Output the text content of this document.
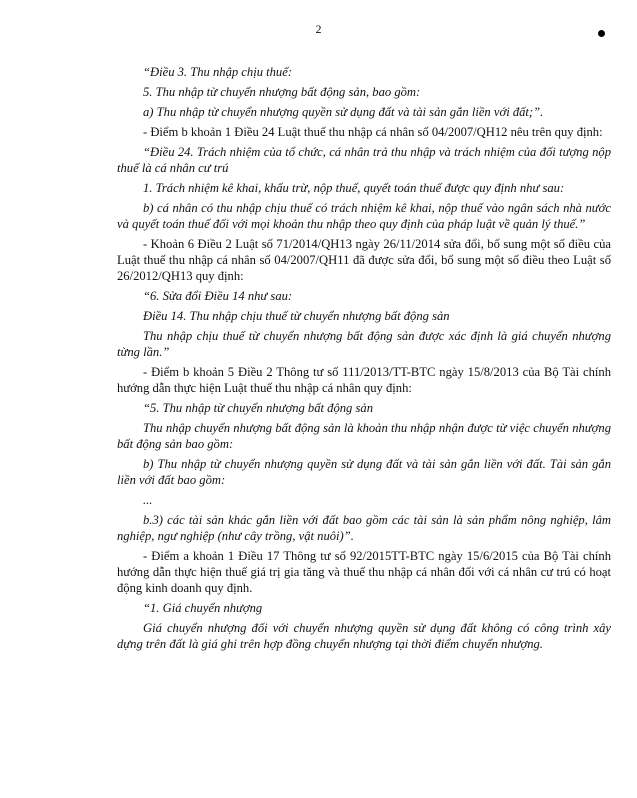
2

“Điều 3. Thu nhập chịu thuế:

5. Thu nhập từ chuyển nhượng bất động sản, bao gồm:

a) Thu nhập từ chuyển nhượng quyền sử dụng đất và tài sản gắn liền với đất;”.

- Điểm b khoản 1 Điều 24 Luật thuế thu nhập cá nhân số 04/2007/QH12 nêu trên quy định:

“Điều 24. Trách nhiệm của tổ chức, cá nhân trả thu nhập và trách nhiệm của đối tượng nộp thuế là cá nhân cư trú

1. Trách nhiệm kê khai, khấu trừ, nộp thuế, quyết toán thuế được quy định như sau:

b) cá nhân có thu nhập chịu thuế có trách nhiệm kê khai, nộp thuế vào ngân sách nhà nước và quyết toán thuế đối với mọi khoản thu nhập theo quy định của pháp luật về quản lý thuế.”

- Khoản 6 Điều 2 Luật số 71/2014/QH13 ngày 26/11/2014 sửa đổi, bổ sung một số điều của Luật thuế thu nhập cá nhân số 04/2007/QH11 đã được sửa đổi, bổ sung một số điều theo Luật số 26/2012/QH13 quy định:

“6. Sửa đổi Điều 14 như sau:

Điều 14. Thu nhập chịu thuế từ chuyển nhượng bất động sản

Thu nhập chịu thuế từ chuyển nhượng bất động sản được xác định là giá chuyển nhượng từng lần.”

- Điểm b khoản 5 Điều 2 Thông tư số 111/2013/TT-BTC ngày 15/8/2013 của Bộ Tài chính hướng dẫn thực hiện Luật thuế thu nhập cá nhân quy định:

“5. Thu nhập từ chuyển nhượng bất động sản

Thu nhập chuyển nhượng bất động sản là khoản thu nhập nhận được từ việc chuyển nhượng bất động sản bao gồm:

b) Thu nhập từ chuyển nhượng quyền sử dụng đất và tài sản gắn liền với đất. Tài sản gắn liền với đất bao gồm:

...

b.3) các tài sản khác gắn liền với đất bao gồm các tài sản là sản phẩm nông nghiệp, lâm nghiệp, ngư nghiệp (như cây trồng, vật nuôi)”.

- Điểm a khoản 1 Điều 17 Thông tư số 92/2015TT-BTC ngày 15/6/2015 của Bộ Tài chính hướng dẫn thực hiện thuế giá trị gia tăng và thuế thu nhập cá nhân đối với cá nhân cư trú có hoạt động kinh doanh quy định.

“1. Giá chuyển nhượng

Giá chuyển nhượng đối với chuyển nhượng quyền sử dụng đất không có công trình xây dựng trên đất là giá ghi trên hợp đồng chuyển nhượng tại thời điểm chuyển nhượng.
